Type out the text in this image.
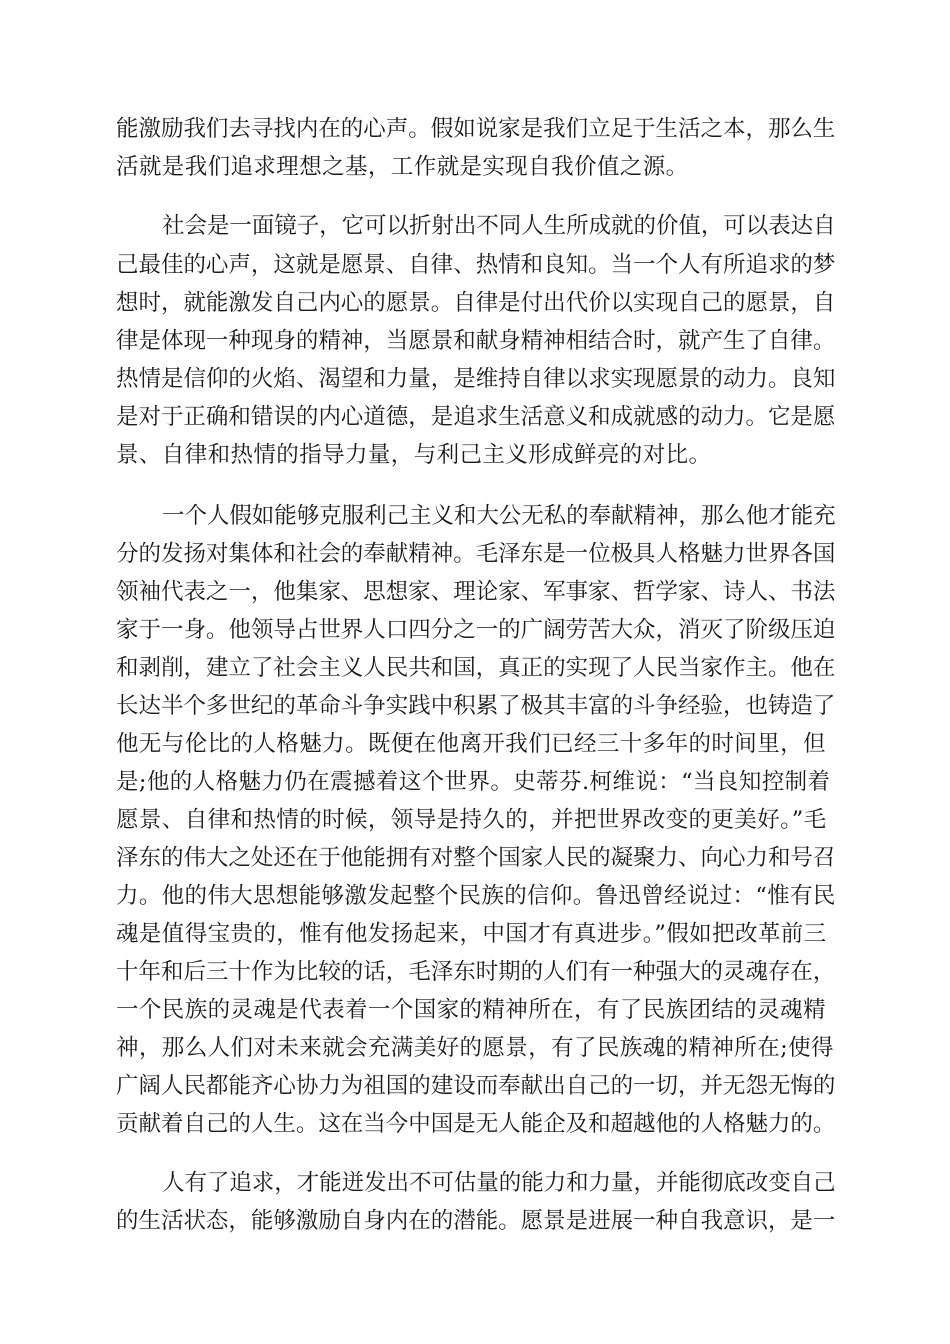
能激励我们去寻找内在的心声。假如说家是我们立足于生活之本，那么生
活就是我们追求理想之基，工作就是实现自我价值之源。
社会是一面镜子，它可以折射出不同人生所成就的价值，可以表达自
己最佳的心声，这就是愿景、自律、热情和良知。当一个人有所追求的梦
想时，就能激发自己内心的愿景。自律是付出代价以实现自己的愿景，自
律是体现一种现身的精神，当愿景和献身精神相结合时，就产生了自律。
热情是信仰的火焰、渴望和力量，是维持自律以求实现愿景的动力。良知
是对于正确和错误的内心道德，是追求生活意义和成就感的动力。它是愿
景、自律和热情的指导力量，与利己主义形成鲜亮的对比。
一个人假如能够克服利己主义和大公无私的奉献精神，那么他才能充
分的发扬对集体和社会的奉献精神。毛泽东是一位极具人格魅力世界各国
领袖代表之一，他集家、思想家、理论家、军事家、哲学家、诗人、书法
家于一身。他领导占世界人口四分之一的广阔劳苦大众，消灭了阶级压迫
和剥削，建立了社会主义人民共和国，真正的实现了人民当家作主。他在
长达半个多世纪的革命斗争实践中积累了极其丰富的斗争经验，也铸造了
他无与伦比的人格魅力。既便在他离开我们已经三十多年的时间里，但
是;他的人格魅力仍在震撼着这个世界。史蒂芬.柯维说：“当良知控制着
愿景、自律和热情的时候，领导是持久的，并把世界改变的更美好。”毛
泽东的伟大之处还在于他能拥有对整个国家人民的凝聚力、向心力和号召
力。他的伟大思想能够激发起整个民族的信仰。鲁迅曾经说过：“惟有民
魂是值得宝贵的，惟有他发扬起来，中国才有真进步。”假如把改革前三
十年和后三十作为比较的话，毛泽东时期的人们有一种强大的灵魂存在，
一个民族的灵魂是代表着一个国家的精神所在，有了民族团结的灵魂精
神，那么人们对未来就会充满美好的愿景，有了民族魂的精神所在;使得
广阔人民都能齐心协力为祖国的建设而奉献出自己的一切，并无怨无悔的
贡献着自己的人生。这在当今中国是无人能企及和超越他的人格魅力的。
人有了追求，才能迸发出不可估量的能力和力量，并能彻底改变自己
的生活状态，能够激励自身内在的潜能。愿景是进展一种自我意识，是一
